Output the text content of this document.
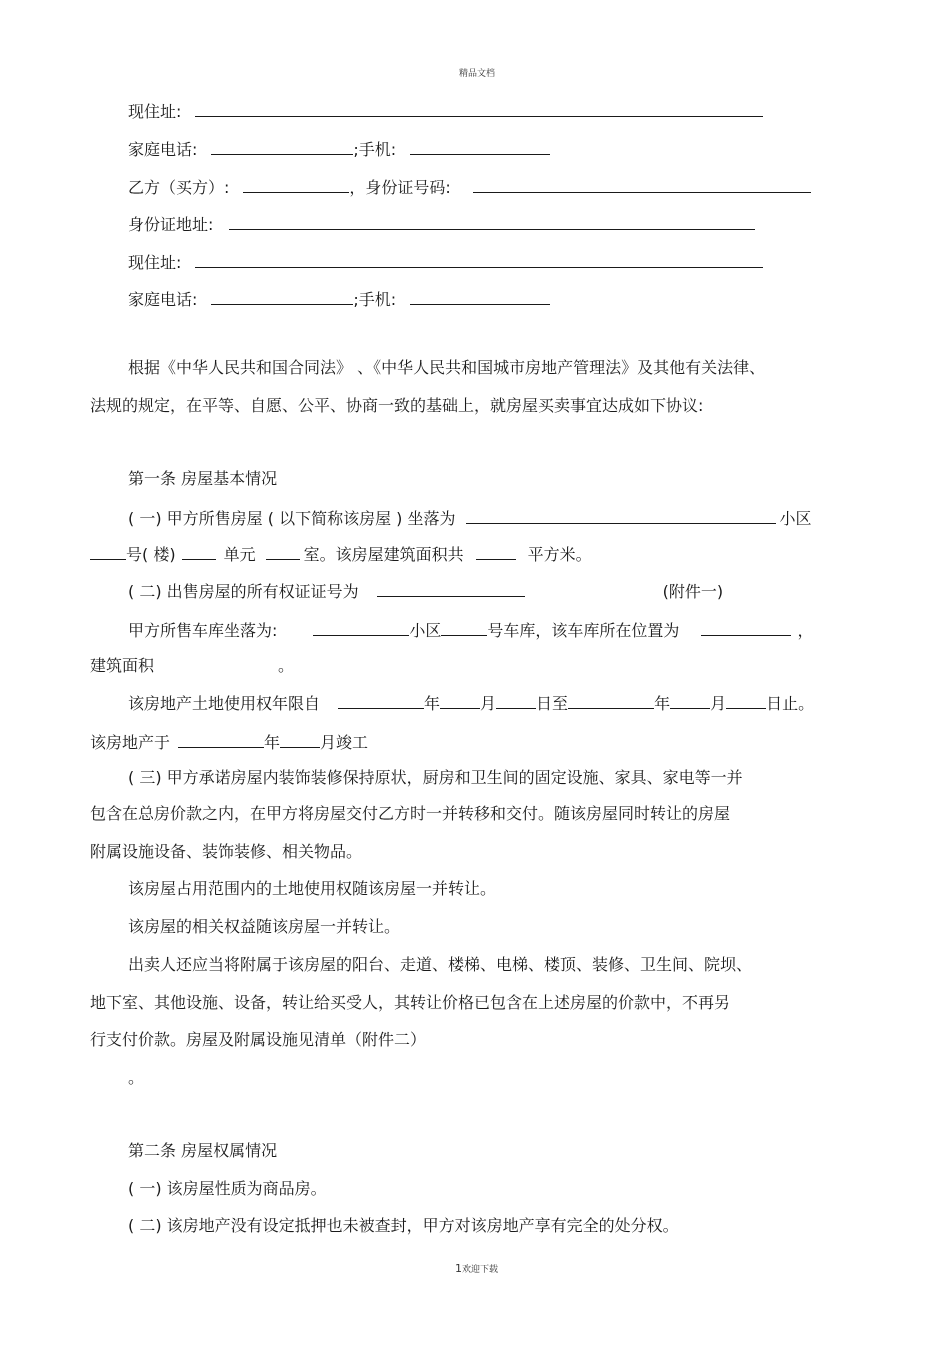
精品文档
现住址:
家庭电话:	;手机:
乙方（买方）:	，身份证号码:
身份证地址:
现住址:
家庭电话:	;手机:
根据《中华人民共和国合同法》 、《中华人民共和国城市房地产管理法》及其他有关法律、
法规的规定，在平等、自愿、公平、协商一致的基础上，就房屋买卖事宜达成如下协议:
第一条 房屋基本情况
( 一) 甲方所售房屋 ( 以下简称该房屋 ) 坐落为	小区
号( 楼)	单元	室。该房屋建筑面积共	平方米。
( 二) 出售房屋的所有权证证号为	(附件一)
甲方所售车库坐落为:	小区	号车库，该车库所在位置为	，
建筑面积	。
该房地产土地使用权年限自	年	月	日至	年	月	日止。
该房地产于	年	月竣工
( 三) 甲方承诺房屋内装饰装修保持原状，厨房和卫生间的固定设施、家具、家电等一并
包含在总房价款之内，在甲方将房屋交付乙方时一并转移和交付。随该房屋同时转让的房屋
附属设施设备、装饰装修、相关物品。
该房屋占用范围内的土地使用权随该房屋一并转让。
该房屋的相关权益随该房屋一并转让。
出卖人还应当将附属于该房屋的阳台、走道、楼梯、电梯、楼顶、装修、卫生间、院坝、
地下室、其他设施、设备，转让给买受人，其转让价格已包含在上述房屋的价款中，不再另
行支付价款。房屋及附属设施见清单（附件二）
。
第二条 房屋权属情况
( 一) 该房屋性质为商品房。
( 二) 该房地产没有设定抵押也未被查封，甲方对该房地产享有完全的处分权。
1欢迎下载
